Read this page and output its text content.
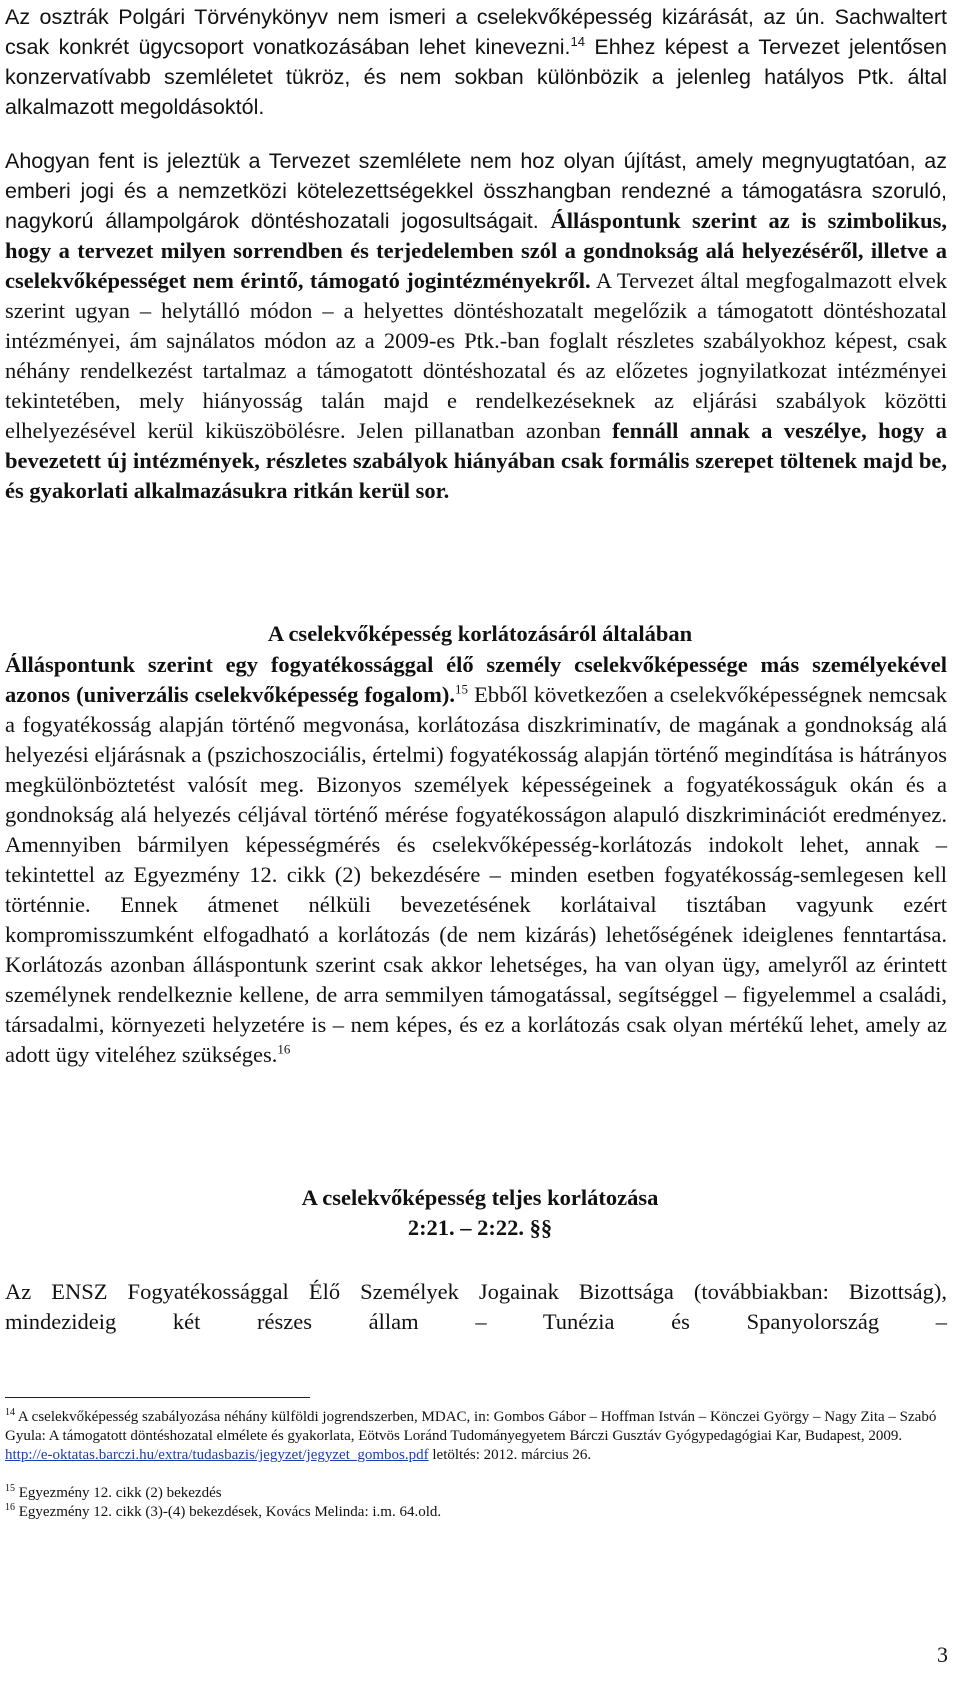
Az osztrák Polgári Törvénykönyv nem ismeri a cselekvőképesség kizárását, az ún. Sachwaltert csak konkrét ügycsoport vonatkozásában lehet kinevezni.$^{14}$ Ehhez képest a Tervezet jelentősen konzervatívabb szemléletet tükröz, és nem sokban különbözik a jelenleg hatályos Ptk. által alkalmazott megoldásoktól.

Ahogyan fent is jeleztük a Tervezet szemlélete nem hoz olyan újítást, amely megnyugtatóan, az emberi jogi és a nemzetközi kötelezettségekkel összhangban rendezné a támogatásra szoruló, nagykorú állampolgárok döntéshozatali jogosultságait. Álláspontunk szerint az is szimbolikus, hogy a tervezet milyen sorrendben és terjedelemben szól a gondnokság alá helyezéséről, illetve a cselekvőképességet nem érintő, támogató jogintézményekről. A Tervezet által megfogalmazott elvek szerint ugyan – helytálló módon – a helyettes döntéshozatalt megelőzik a támogatott döntéshozatal intézményei, ám sajnálatos módon az a 2009-es Ptk.-ban foglalt részletes szabályokhoz képest, csak néhány rendelkezést tartalmaz a támogatott döntéshozatal és az előzetes jognyilatkozat intézményei tekintetében, mely hiányosság talán majd e rendelkezéseknek az eljárási szabályok közötti elhelyezésével kerül kiküszöbölésre. Jelen pillanatban azonban fennáll annak a veszélye, hogy a bevezetett új intézmények, részletes szabályok hiányában csak formális szerepet töltenek majd be, és gyakorlati alkalmazásukra ritkán kerül sor.

A cselekvőképesség korlátozásáról általában

Álláspontunk szerint egy fogyatékossággal élő személy cselekvőképessége más személyekével azonos (univerzális cselekvőképesség fogalom).$^{15}$ Ebből következően a cselekvőképességnek nemcsak a fogyatékosság alapján történő megvonása, korlátozása diszkriminatív, de magának a gondnokság alá helyezési eljárásnak a (pszichoszociális, értelmi) fogyatékosság alapján történő megindítása is hátrányos megkülönböztetést valósít meg. Bizonyos személyek képességeinek a fogyatékosságuk okán és a gondnokság alá helyezés céljával történő mérése fogyatékosságon alapuló diszkriminációt eredményez. Amennyiben bármilyen képességmérés és cselekvőképesség-korlátozás indokolt lehet, annak – tekintettel az Egyezmény 12. cikk (2) bekezdésére – minden esetben fogyatékosság-semlegesen kell történnie. Ennek átmenet nélküli bevezetésének korlátaival tisztában vagyunk ezért kompromisszumként elfogadható a korlátozás (de nem kizárás) lehetőségének ideiglenes fenntartása. Korlátozás azonban álláspontunk szerint csak akkor lehetséges, ha van olyan ügy, amelyről az érintett személynek rendelkeznie kellene, de arra semmilyen támogatással, segítséggel – figyelemmel a családi, társadalmi, környezeti helyzetére is – nem képes, és ez a korlátozás csak olyan mértékű lehet, amely az adott ügy viteléhez szükséges.$^{16}$

A cselekvőképesség teljes korlátozása
2:21. – 2:22. §§

Az ENSZ Fogyatékossággal Élő Személyek Jogainak Bizottsága (továbbiakban: Bizottság), mindezideig két részes állam – Tunézia és Spanyolország –

$^{14}$ A cselekvőképesség szabályozása néhány külföldi jogrendszerben, MDAC, in: Gombos Gábor – Hoffman István – Könczei György – Nagy Zita – Szabó Gyula: A támogatott döntéshozatal elmélete és gyakorlata, Eötvös Loránd Tudományegyetem Bárczi Gusztáv Gyógypedagógiai Kar, Budapest, 2009. http://e-oktatas.barczi.hu/extra/tudasbazis/jegyzet/jegyzet_gombos.pdf letöltés: 2012. március 26.

$^{15}$ Egyezmény 12. cikk (2) bekezdés

$^{16}$ Egyezmény 12. cikk (3)-(4) bekezdések, Kovács Melinda: i.m. 64.old.

3
